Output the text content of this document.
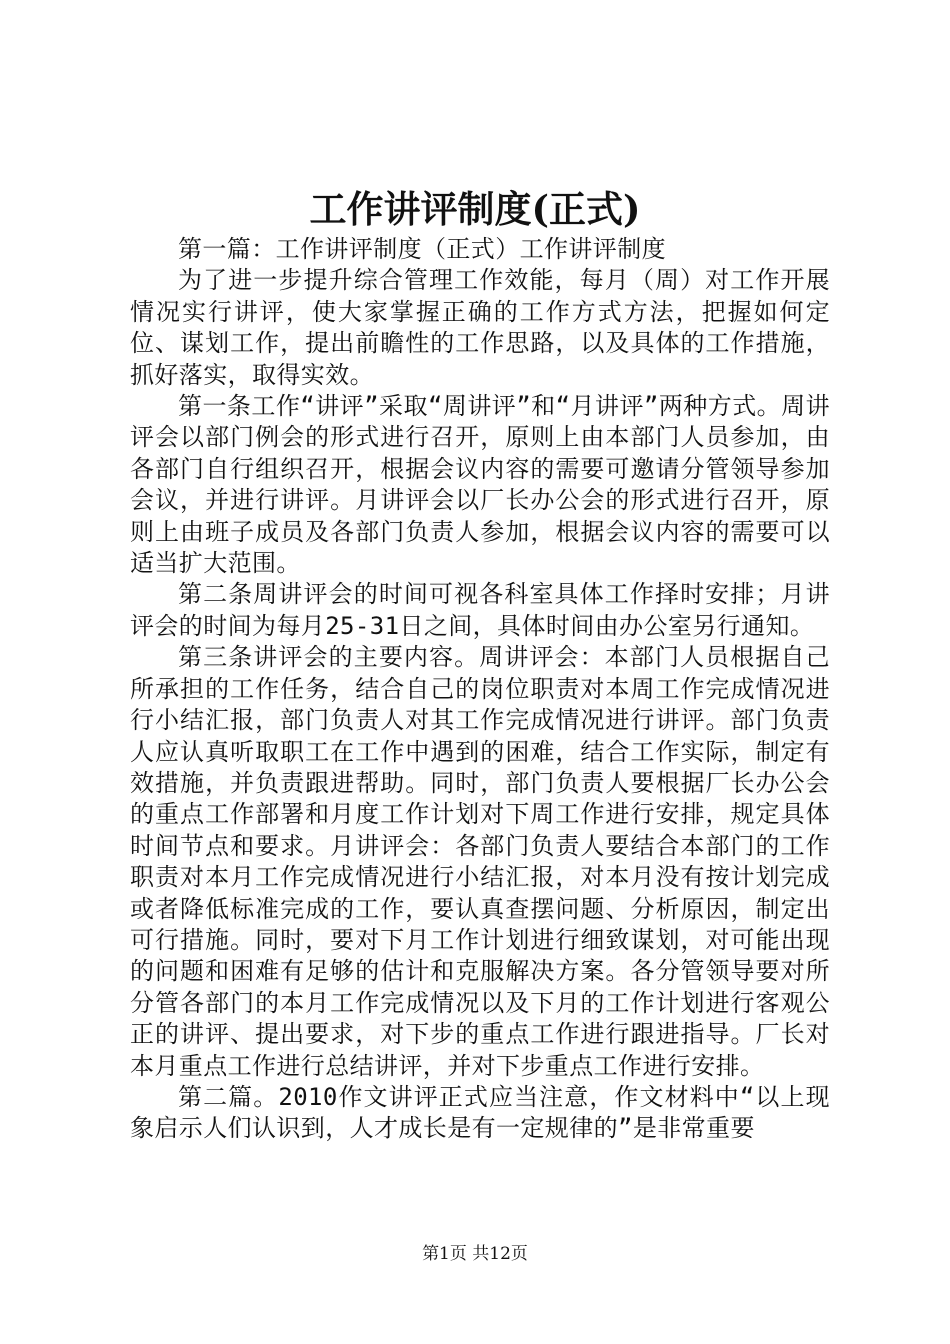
工作讲评制度(正式)

第一篇：工作讲评制度（正式）工作讲评制度

为了进一步提升综合管理工作效能，每月（周）对工作开展情况实行讲评，使大家掌握正确的工作方式方法，把握如何定位、谋划工作，提出前瞻性的工作思路，以及具体的工作措施，抓好落实，取得实效。

第一条工作“讲评”采取“周讲评”和“月讲评”两种方式。周讲评会以部门例会的形式进行召开，原则上由本部门人员参加，由各部门自行组织召开，根据会议内容的需要可邀请分管领导参加会议，并进行讲评。月讲评会以厂长办公会的形式进行召开，原则上由班子成员及各部门负责人参加，根据会议内容的需要可以适当扩大范围。

第二条周讲评会的时间可视各科室具体工作择时安排；月讲评会的时间为每月25-31日之间，具体时间由办公室另行通知。

第三条讲评会的主要内容。周讲评会：本部门人员根据自己所承担的工作任务，结合自己的岗位职责对本周工作完成情况进行小结汇报，部门负责人对其工作完成情况进行讲评。部门负责人应认真听取职工在工作中遇到的困难，结合工作实际，制定有效措施，并负责跟进帮助。同时，部门负责人要根据厂长办公会的重点工作部署和月度工作计划对下周工作进行安排，规定具体时间节点和要求。月讲评会：各部门负责人要结合本部门的工作职责对本月工作完成情况进行小结汇报，对本月没有按计划完成或者降低标准完成的工作，要认真查摆问题、分析原因，制定出可行措施。同时，要对下月工作计划进行细致谋划，对可能出现的问题和困难有足够的估计和克服解决方案。各分管领导要对所分管各部门的本月工作完成情况以及下月的工作计划进行客观公正的讲评、提出要求，对下步的重点工作进行跟进指导。厂长对本月重点工作进行总结讲评，并对下步重点工作进行安排。

第二篇。2010作文讲评正式应当注意，作文材料中“以上现象启示人们认识到，人才成长是有一定规律的”是非常重要

第1页 共12页
